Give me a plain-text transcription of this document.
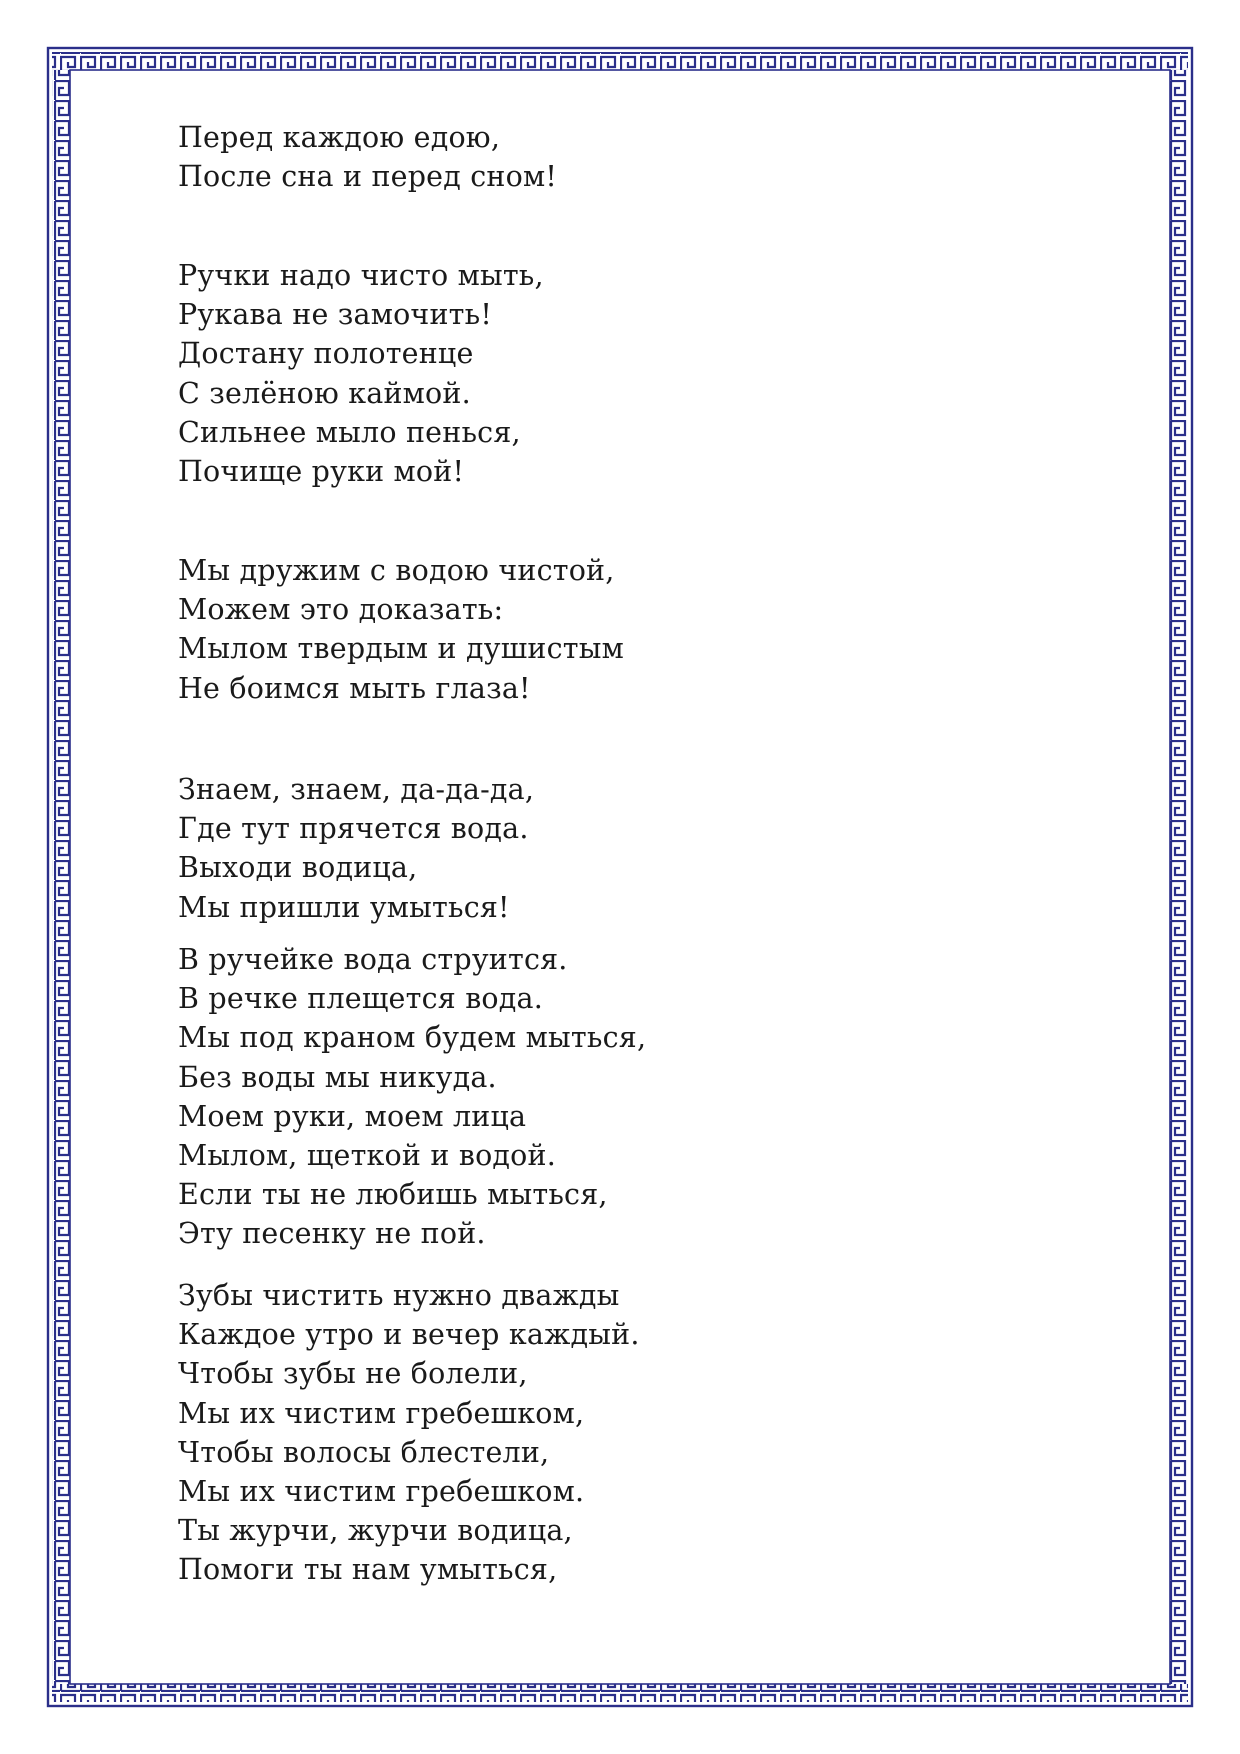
Перед каждою едою,
После сна и перед сном!
Ручки надо чисто мыть,
Рукава не замочить!
Достану полотенце
С зелёною каймой.
Сильнее мыло пенься,
Почище руки мой!
Мы дружим с водою чистой,
Можем это доказать:
Мылом твердым и душистым
Не боимся мыть глаза!
Знаем, знаем, да-да-да,
Где тут прячется вода.
Выходи водица,
Мы пришли умыться!
В ручейке вода струится.
В речке плещется вода.
Мы под краном будем мыться,
Без воды мы никуда.
Моем руки, моем лица
Мылом, щеткой и водой.
Если ты не любишь мыться,
Эту песенку не пой.
Зубы чистить нужно дважды
Каждое утро и вечер каждый.
Чтобы зубы не болели,
Мы их чистим гребешком,
Чтобы волосы блестели,
Мы их чистим гребешком.
Ты журчи, журчи водица,
Помоги ты нам умыться,
